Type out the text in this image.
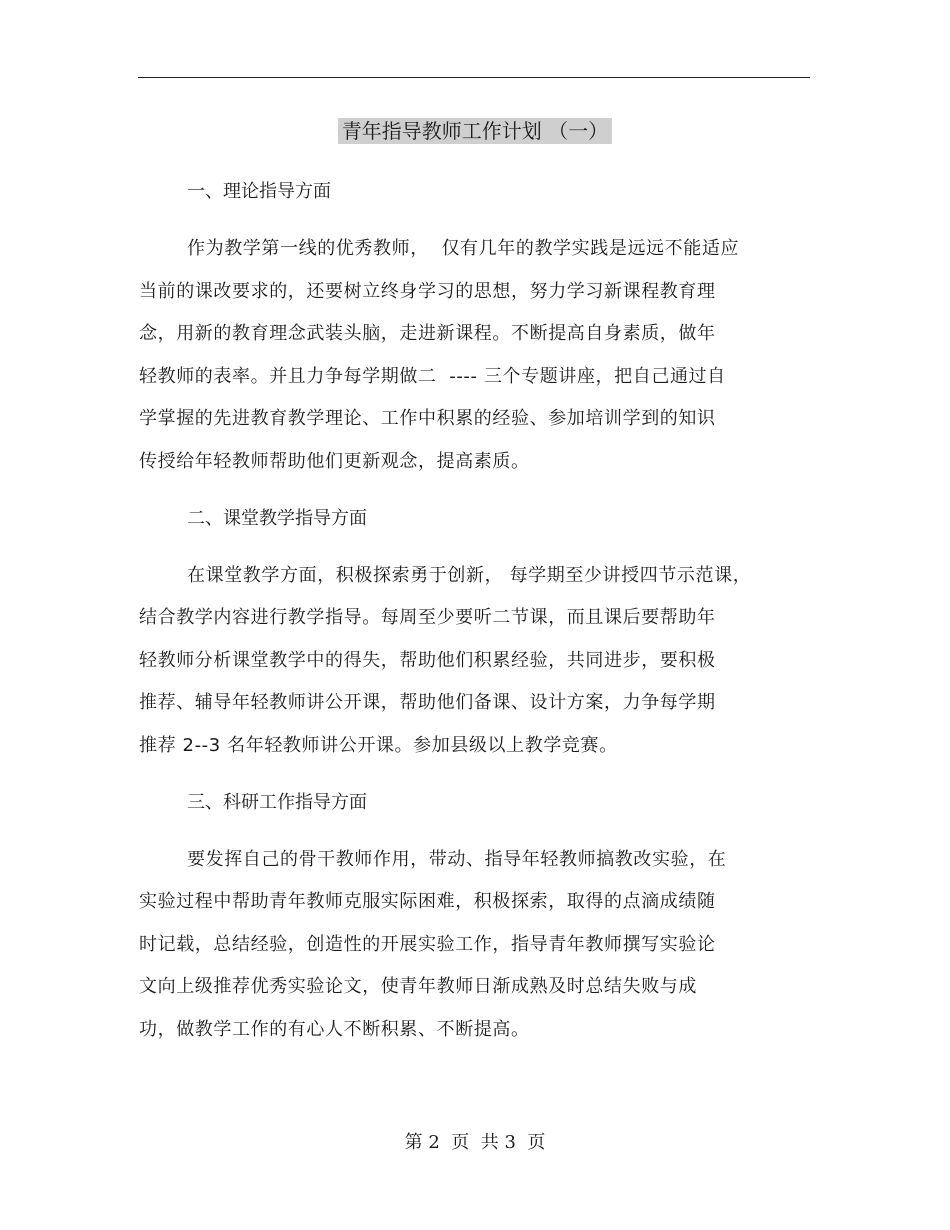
青年指导教师工作计划 （一）
一、理论指导方面
作为教学第一线的优秀教师，  仅有几年的教学实践是远远不能适应
当前的课改要求的，还要树立终身学习的思想，努力学习新课程教育理
念，用新的教育理念武装头脑，走进新课程。不断提高自身素质，做年
轻教师的表率。并且力争每学期做二  ---- 三个专题讲座，把自己通过自
学掌握的先进教育教学理论、工作中积累的经验、参加培训学到的知识
传授给年轻教师帮助他们更新观念，提高素质。
二、课堂教学指导方面
在课堂教学方面，积极探索勇于创新， 每学期至少讲授四节示范课，
结合教学内容进行教学指导。每周至少要听二节课，而且课后要帮助年
轻教师分析课堂教学中的得失，帮助他们积累经验，共同进步，要积极
推荐、辅导年轻教师讲公开课，帮助他们备课、设计方案，力争每学期
推荐 2--3 名年轻教师讲公开课。参加县级以上教学竞赛。
三、科研工作指导方面
要发挥自己的骨干教师作用，带动、指导年轻教师搞教改实验，在
实验过程中帮助青年教师克服实际困难，积极探索，取得的点滴成绩随
时记载，总结经验，创造性的开展实验工作，指导青年教师撰写实验论
文向上级推荐优秀实验论文，使青年教师日渐成熟及时总结失败与成
功，做教学工作的有心人不断积累、不断提高。
第 2  页  共 3  页
